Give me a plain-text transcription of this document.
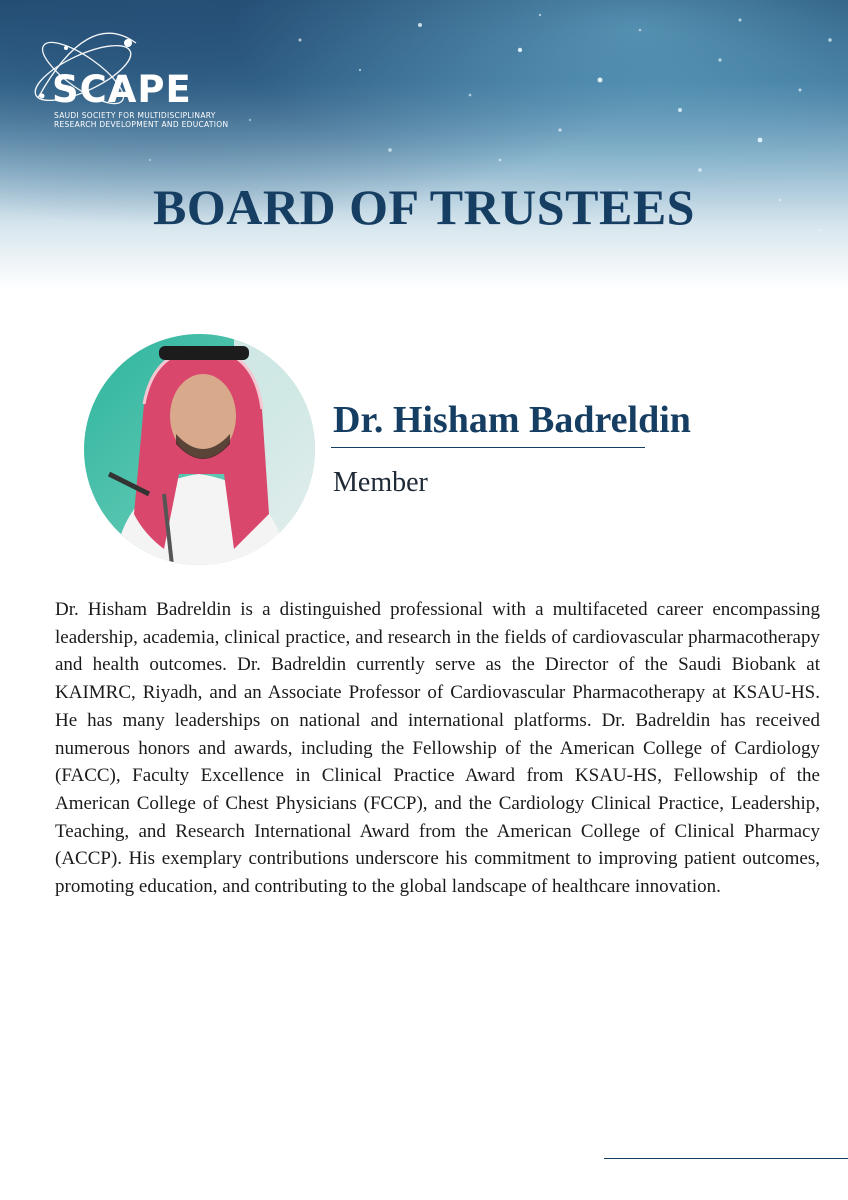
SCAPE
SAUDI SOCIETY FOR MULTIDISCIPLINARY
RESEARCH DEVELOPMENT AND EDUCATION
BOARD OF TRUSTEES
Dr. Hisham Badreldin
Member

Dr. Hisham Badreldin is a distinguished professional with a multifaceted career encompassing leadership, academia, clinical practice, and research in the fields of cardiovascular pharmacotherapy and health outcomes. Dr. Badreldin currently serve as the Director of the Saudi Biobank at KAIMRC, Riyadh, and an Associate Professor of Cardiovascular Pharmacotherapy at KSAU-HS. He has many leaderships on national and international platforms. Dr. Badreldin has received numerous honors and awards, including the Fellowship of the American College of Cardiology (FACC), Faculty Excellence in Clinical Practice Award from KSAU-HS, Fellowship of the American College of Chest Physicians (FCCP), and the Cardiology Clinical Practice, Leadership, Teaching, and Research International Award from the American College of Clinical Pharmacy (ACCP). His exemplary contributions underscore his commitment to improving patient outcomes, promoting education, and contributing to the global landscape of healthcare innovation.
